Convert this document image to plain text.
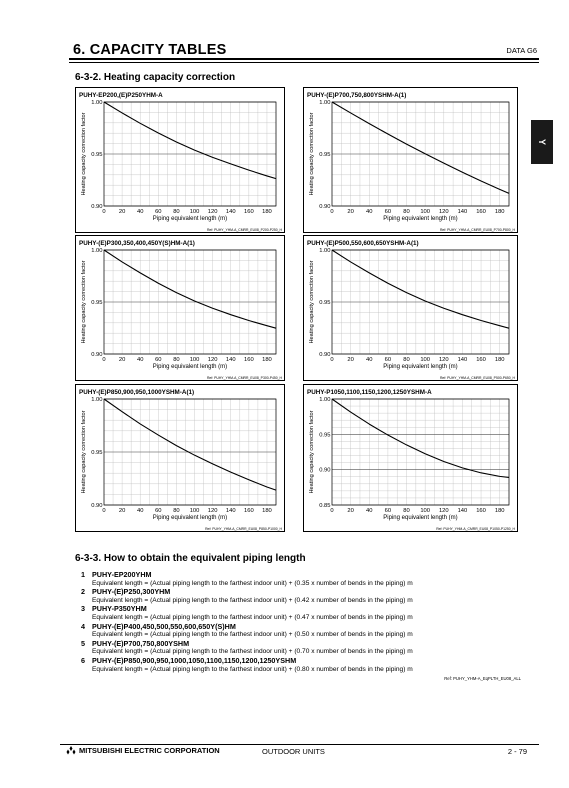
6. CAPACITY TABLES	DATA G6
Y
6-3-2. Heating capacity correction
PUHY-EP200,(E)P250YHM-A
0 20 40 60 80 100 120 140 160 180
0.90
0.95
1.00
Piping equivalent length (m)
Heating capacity correction factor
Ref: PUHY_YHM-A_CMRR_EU08_P200-P250_H
PUHY-(E)P700,750,800YSHM-A(1)
0 20 40 60 80 100 120 140 160 180
0.90
0.95
1.00
Piping equivalent length (m)
Heating capacity correction factor
Ref: PUHY_YHM-A_CMRR_EU08_P700-P800_H
PUHY-(E)P300,350,400,450Y(S)HM-A(1)
0 20 40 60 80 100 120 140 160 180
0.90
0.95
1.00
Piping equivalent length (m)
Heating capacity correction factor
Ref: PUHY_YHM-A_CMRR_EU08_P300-P450_H
PUHY-(E)P500,550,600,650YSHM-A(1)
0 20 40 60 80 100 120 140 160 180
0.90
0.95
1.00
Piping equivalent length (m)
Heating capacity correction factor
Ref: PUHY_YHM-A_CMRR_EU08_P500-P650_H
PUHY-(E)P850,900,950,1000YSHM-A(1)
0 20 40 60 80 100 120 140 160 180
0.90
0.95
1.00
Piping equivalent length (m)
Heating capacity correction factor
Ref: PUHY_YHM-A_CMRR_EU08_P850-P1000_H
PUHY-P1050,1100,1150,1200,1250YSHM-A
0 20 40 60 80 100 120 140 160 180
0.85
0.90
0.95
1.00
Piping equivalent length (m)
Heating capacity correction factor
Ref: PUHY_YHM-A_CMRR_EU08_P1050-P1250_H
6-3-3. How to obtain the equivalent piping length
1 PUHY-EP200YHM
Equivalent length = (Actual piping length to the farthest indoor unit) + (0.35 x number of bends in the piping) m
2 PUHY-(E)P250,300YHM
Equivalent length = (Actual piping length to the farthest indoor unit) + (0.42 x number of bends in the piping) m
3 PUHY-P350YHM
Equivalent length = (Actual piping length to the farthest indoor unit) + (0.47 x number of bends in the piping) m
4 PUHY-(E)P400,450,500,550,600,650Y(S)HM
Equivalent length = (Actual piping length to the farthest indoor unit) + (0.50 x number of bends in the piping) m
5 PUHY-(E)P700,750,800YSHM
Equivalent length = (Actual piping length to the farthest indoor unit) + (0.70 x number of bends in the piping) m
6 PUHY-(E)P850,900,950,1000,1050,1100,1150,1200,1250YSHM
Equivalent length = (Actual piping length to the farthest indoor unit) + (0.80 x number of bends in the piping) m
Ref: PUHY_YHM-A_EqPLTH_EU08_ALL
MITSUBISHI ELECTRIC CORPORATION	OUTDOOR UNITS	2 - 79
